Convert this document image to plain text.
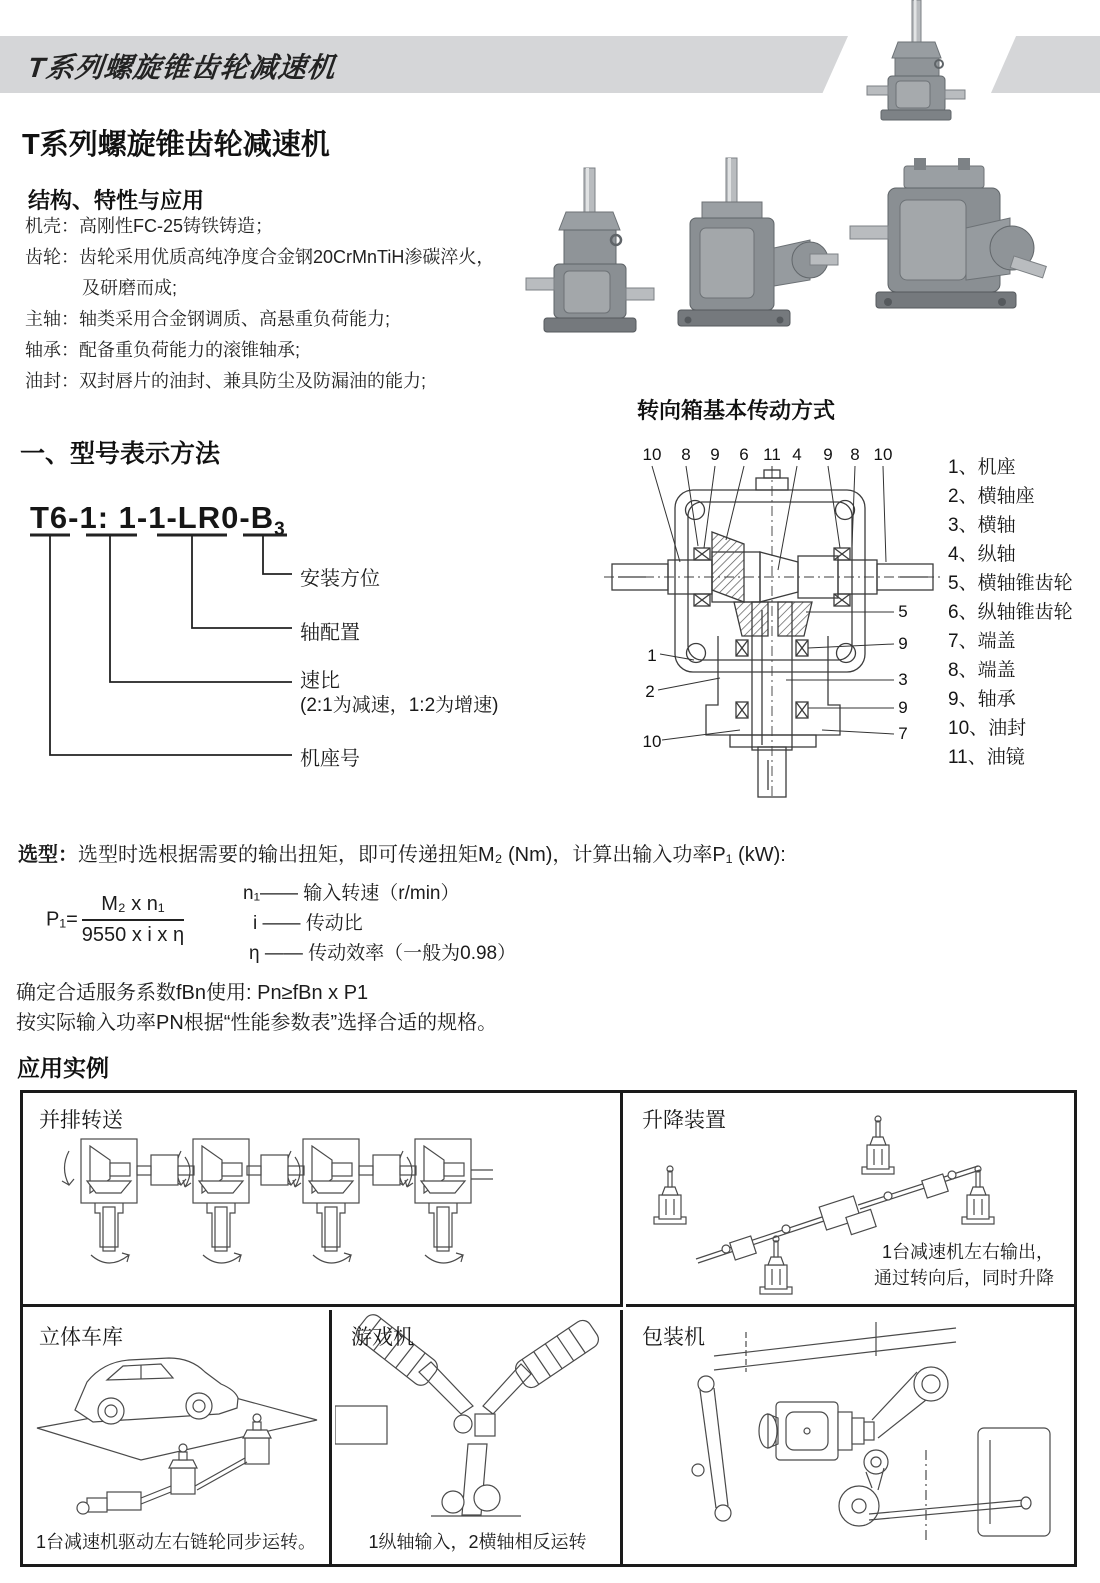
T系列螺旋锥齿轮减速机
T系列螺旋锥齿轮减速机
结构、特性与应用
机壳：高刚性FC-25铸铁铸造；
齿轮：齿轮采用优质高纯净度合金钢20CrMnTiH渗碳淬火，
及研磨而成;
主轴：轴类采用合金钢调质、高悬重负荷能力;
轴承：配备重负荷能力的滚锥轴承;
油封：双封唇片的油封、兼具防尘及防漏油的能力;
转向箱基本传动方式
10 8 9 6 11 4 9 8 10
1
2
10
5
9
3
9
7
1、机座
2、横轴座
3、横轴
4、纵轴
5、横轴锥齿轮
6、纵轴锥齿轮
7、端盖
8、端盖
9、轴承
10、油封
11、油镜
一、型号表示方法
T6-1: $1-1-LR0-B_3$
安装方位
轴配置
速比
(2:1为减速，1:2为增速)
机座号
选型：选型时选根据需要的输出扭矩，即可传递扭矩M₂ (Nm)，计算出输入功率P₁ (kW):
$P_1= \frac{\text{M₂ x n₁}}{\text{9550 x i x η}}$	n₁—— 输入转速（r/min）
i —— 传动比
η —— 传动效率（一般为0.98）
确定合适服务系数fBn使用: Pn≥fBn x P1
按实际输入功率PN根据“性能参数表”选择合适的规格。
应用实例
并排转送	升降装置
1台减速机左右输出，
通过转向后，同时升降
立体车库
1台减速机驱动左右链轮同步运转。
游戏机
1纵轴输入，2横轴相反运转
包装机
